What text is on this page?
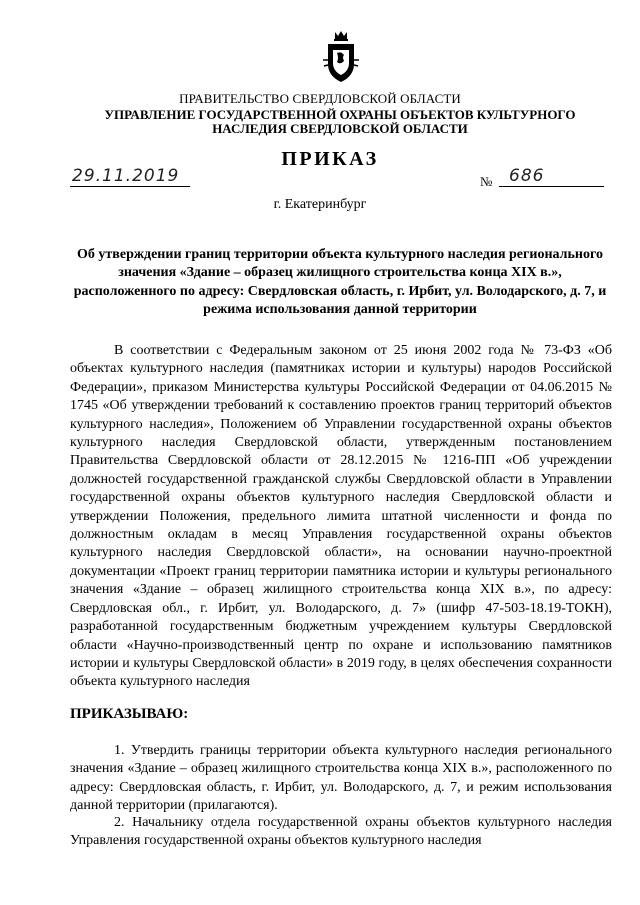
ПРАВИТЕЛЬСТВО СВЕРДЛОВСКОЙ ОБЛАСТИ
УПРАВЛЕНИЕ ГОСУДАРСТВЕННОЙ ОХРАНЫ ОБЪЕКТОВ КУЛЬТУРНОГО НАСЛЕДИЯ СВЕРДЛОВСКОЙ ОБЛАСТИ
ПРИКАЗ
29.11.2019	№ 686
г. Екатеринбург
Об утверждении границ территории объекта культурного наследия регионального значения «Здание – образец жилищного строительства конца XIX в.», расположенного по адресу: Свердловская область, г. Ирбит, ул. Володарского, д. 7, и режима использования данной территории
В соответствии с Федеральным законом от 25 июня 2002 года № 73-ФЗ «Об объектах культурного наследия (памятниках истории и культуры) народов Российской Федерации», приказом Министерства культуры Российской Федерации от 04.06.2015 № 1745 «Об утверждении требований к составлению проектов границ территорий объектов культурного наследия», Положением об Управлении государственной охраны объектов культурного наследия Свердловской области, утвержденным постановлением Правительства Свердловской области от 28.12.2015 № 1216-ПП «Об учреждении должностей государственной гражданской службы Свердловской области в Управлении государственной охраны объектов культурного наследия Свердловской области и утверждении Положения, предельного лимита штатной численности и фонда по должностным окладам в месяц Управления государственной охраны объектов культурного наследия Свердловской области», на основании научно-проектной документации «Проект границ территории памятника истории и культуры регионального значения «Здание – образец жилищного строительства конца XIX в.», по адресу: Свердловская обл., г. Ирбит, ул. Володарского, д. 7» (шифр 47-503-18.19-ТОКН), разработанной государственным бюджетным учреждением культуры Свердловской области «Научно-производственный центр по охране и использованию памятников истории и культуры Свердловской области» в 2019 году, в целях обеспечения сохранности объекта культурного наследия
ПРИКАЗЫВАЮ:
1. Утвердить границы территории объекта культурного наследия регионального значения «Здание – образец жилищного строительства конца XIX в.», расположенного по адресу: Свердловская область, г. Ирбит, ул. Володарского, д. 7, и режим использования данной территории (прилагаются).
2. Начальнику отдела государственной охраны объектов культурного наследия Управления государственной охраны объектов культурного наследия
